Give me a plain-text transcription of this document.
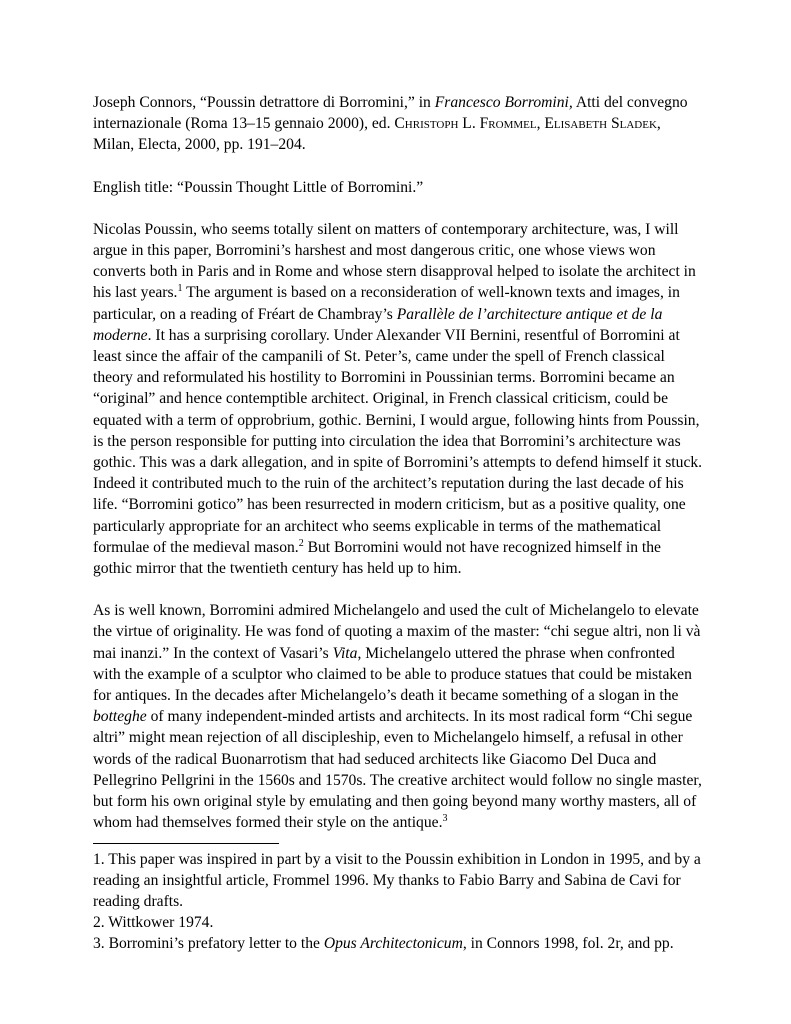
Joseph Connors, “Poussin detrattore di Borromini,” in Francesco Borromini, Atti del convegno internazionale (Roma 13–15 gennaio 2000), ed. Christoph L. Frommel, Elisabeth Sladek, Milan, Electa, 2000, pp. 191–204.

English title: “Poussin Thought Little of Borromini.”

Nicolas Poussin, who seems totally silent on matters of contemporary architecture, was, I will argue in this paper, Borromini’s harshest and most dangerous critic, one whose views won converts both in Paris and in Rome and whose stern disapproval helped to isolate the architect in his last years.$^1$ The argument is based on a reconsideration of well-known texts and images, in particular, on a reading of Fréart de Chambray’s Parallèle de l’architecture antique et de la moderne. It has a surprising corollary. Under Alexander VII Bernini, resentful of Borromini at least since the affair of the campanili of St. Peter’s, came under the spell of French classical theory and reformulated his hostility to Borromini in Poussinian terms. Borromini became an “original” and hence contemptible architect. Original, in French classical criticism, could be equated with a term of opprobrium, gothic. Bernini, I would argue, following hints from Poussin, is the person responsible for putting into circulation the idea that Borromini’s architecture was gothic. This was a dark allegation, and in spite of Borromini’s attempts to defend himself it stuck. Indeed it contributed much to the ruin of the architect’s reputation during the last decade of his life. “Borromini gotico” has been resurrected in modern criticism, but as a positive quality, one particularly appropriate for an architect who seems explicable in terms of the mathematical formulae of the medieval mason.$^2$ But Borromini would not have recognized himself in the gothic mirror that the twentieth century has held up to him.

As is well known, Borromini admired Michelangelo and used the cult of Michelangelo to elevate the virtue of originality. He was fond of quoting a maxim of the master: “chi segue altri, non li và mai inanzi.” In the context of Vasari’s Vita, Michelangelo uttered the phrase when confronted with the example of a sculptor who claimed to be able to produce statues that could be mistaken for antiques. In the decades after Michelangelo’s death it became something of a slogan in the botteghe of many independent-minded artists and architects. In its most radical form “Chi segue altri” might mean rejection of all discipleship, even to Michelangelo himself, a refusal in other words of the radical Buonarrotism that had seduced architects like Giacomo Del Duca and Pellegrino Pellgrini in the 1560s and 1570s. The creative architect would follow no single master, but form his own original style by emulating and then going beyond many worthy masters, all of whom had themselves formed their style on the antique.$^3$

1. This paper was inspired in part by a visit to the Poussin exhibition in London in 1995, and by a reading an insightful article, Frommel 1996. My thanks to Fabio Barry and Sabina de Cavi for reading drafts.

2. Wittkower 1974.

3. Borromini’s prefatory letter to the Opus Architectonicum, in Connors 1998, fol. 2r, and pp.
